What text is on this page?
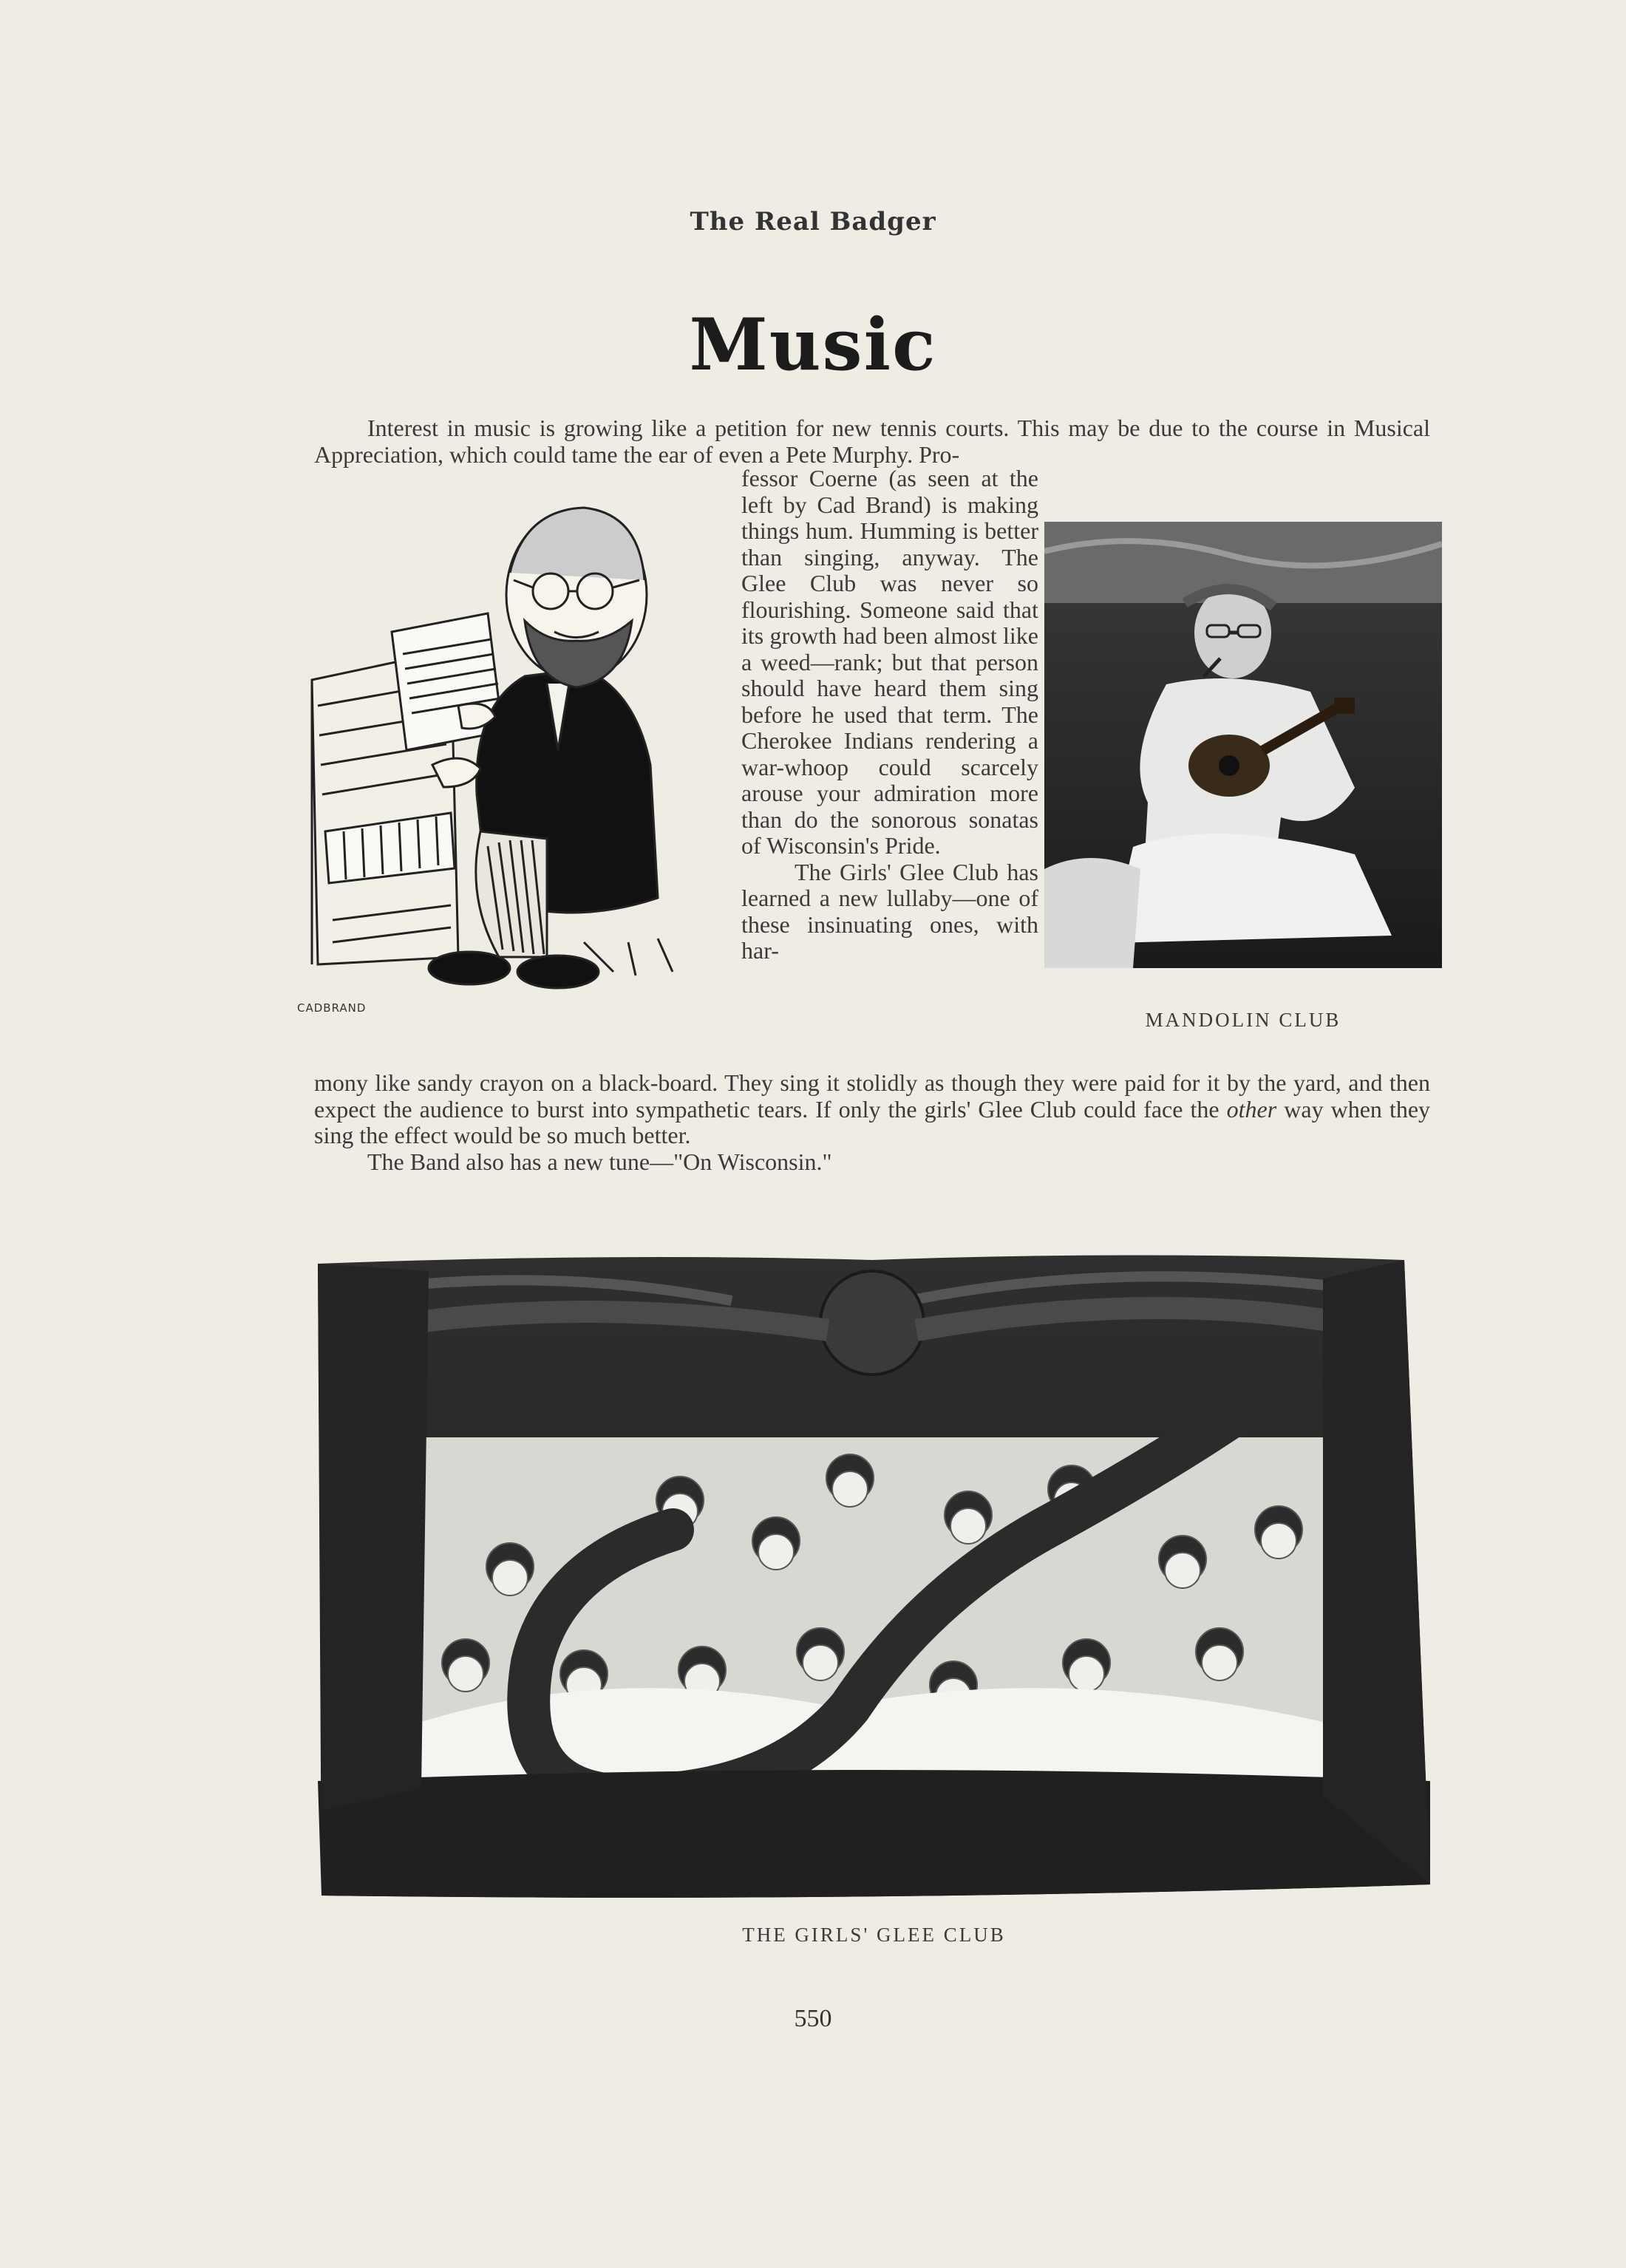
The Real Badger
Music

Interest in music is growing like a petition for new tennis courts. This may be due to the course in Musical Appreciation, which could tame the ear of even a Pete Murphy. Pro-

CADBRAND

fessor Coerne (as seen at the left by Cad Brand) is making things hum. Humming is better than singing, anyway. The Glee Club was never so flourishing. Someone said that its growth had been almost like a weed—rank; but that person should have heard them sing before he used that term. The Cherokee Indians rendering a war-whoop could scarcely arouse your admiration more than do the sonorous sonatas of Wisconsin's Pride.

The Girls' Glee Club has learned a new lullaby—one of these insinuating ones, with har-

MANDOLIN CLUB

mony like sandy crayon on a black-board. They sing it stolidly as though they were paid for it by the yard, and then expect the audience to burst into sympathetic tears. If only the girls' Glee Club could face the other way when they sing the effect would be so much better.

The Band also has a new tune—"On Wisconsin."

THE GIRLS' GLEE CLUB
550
